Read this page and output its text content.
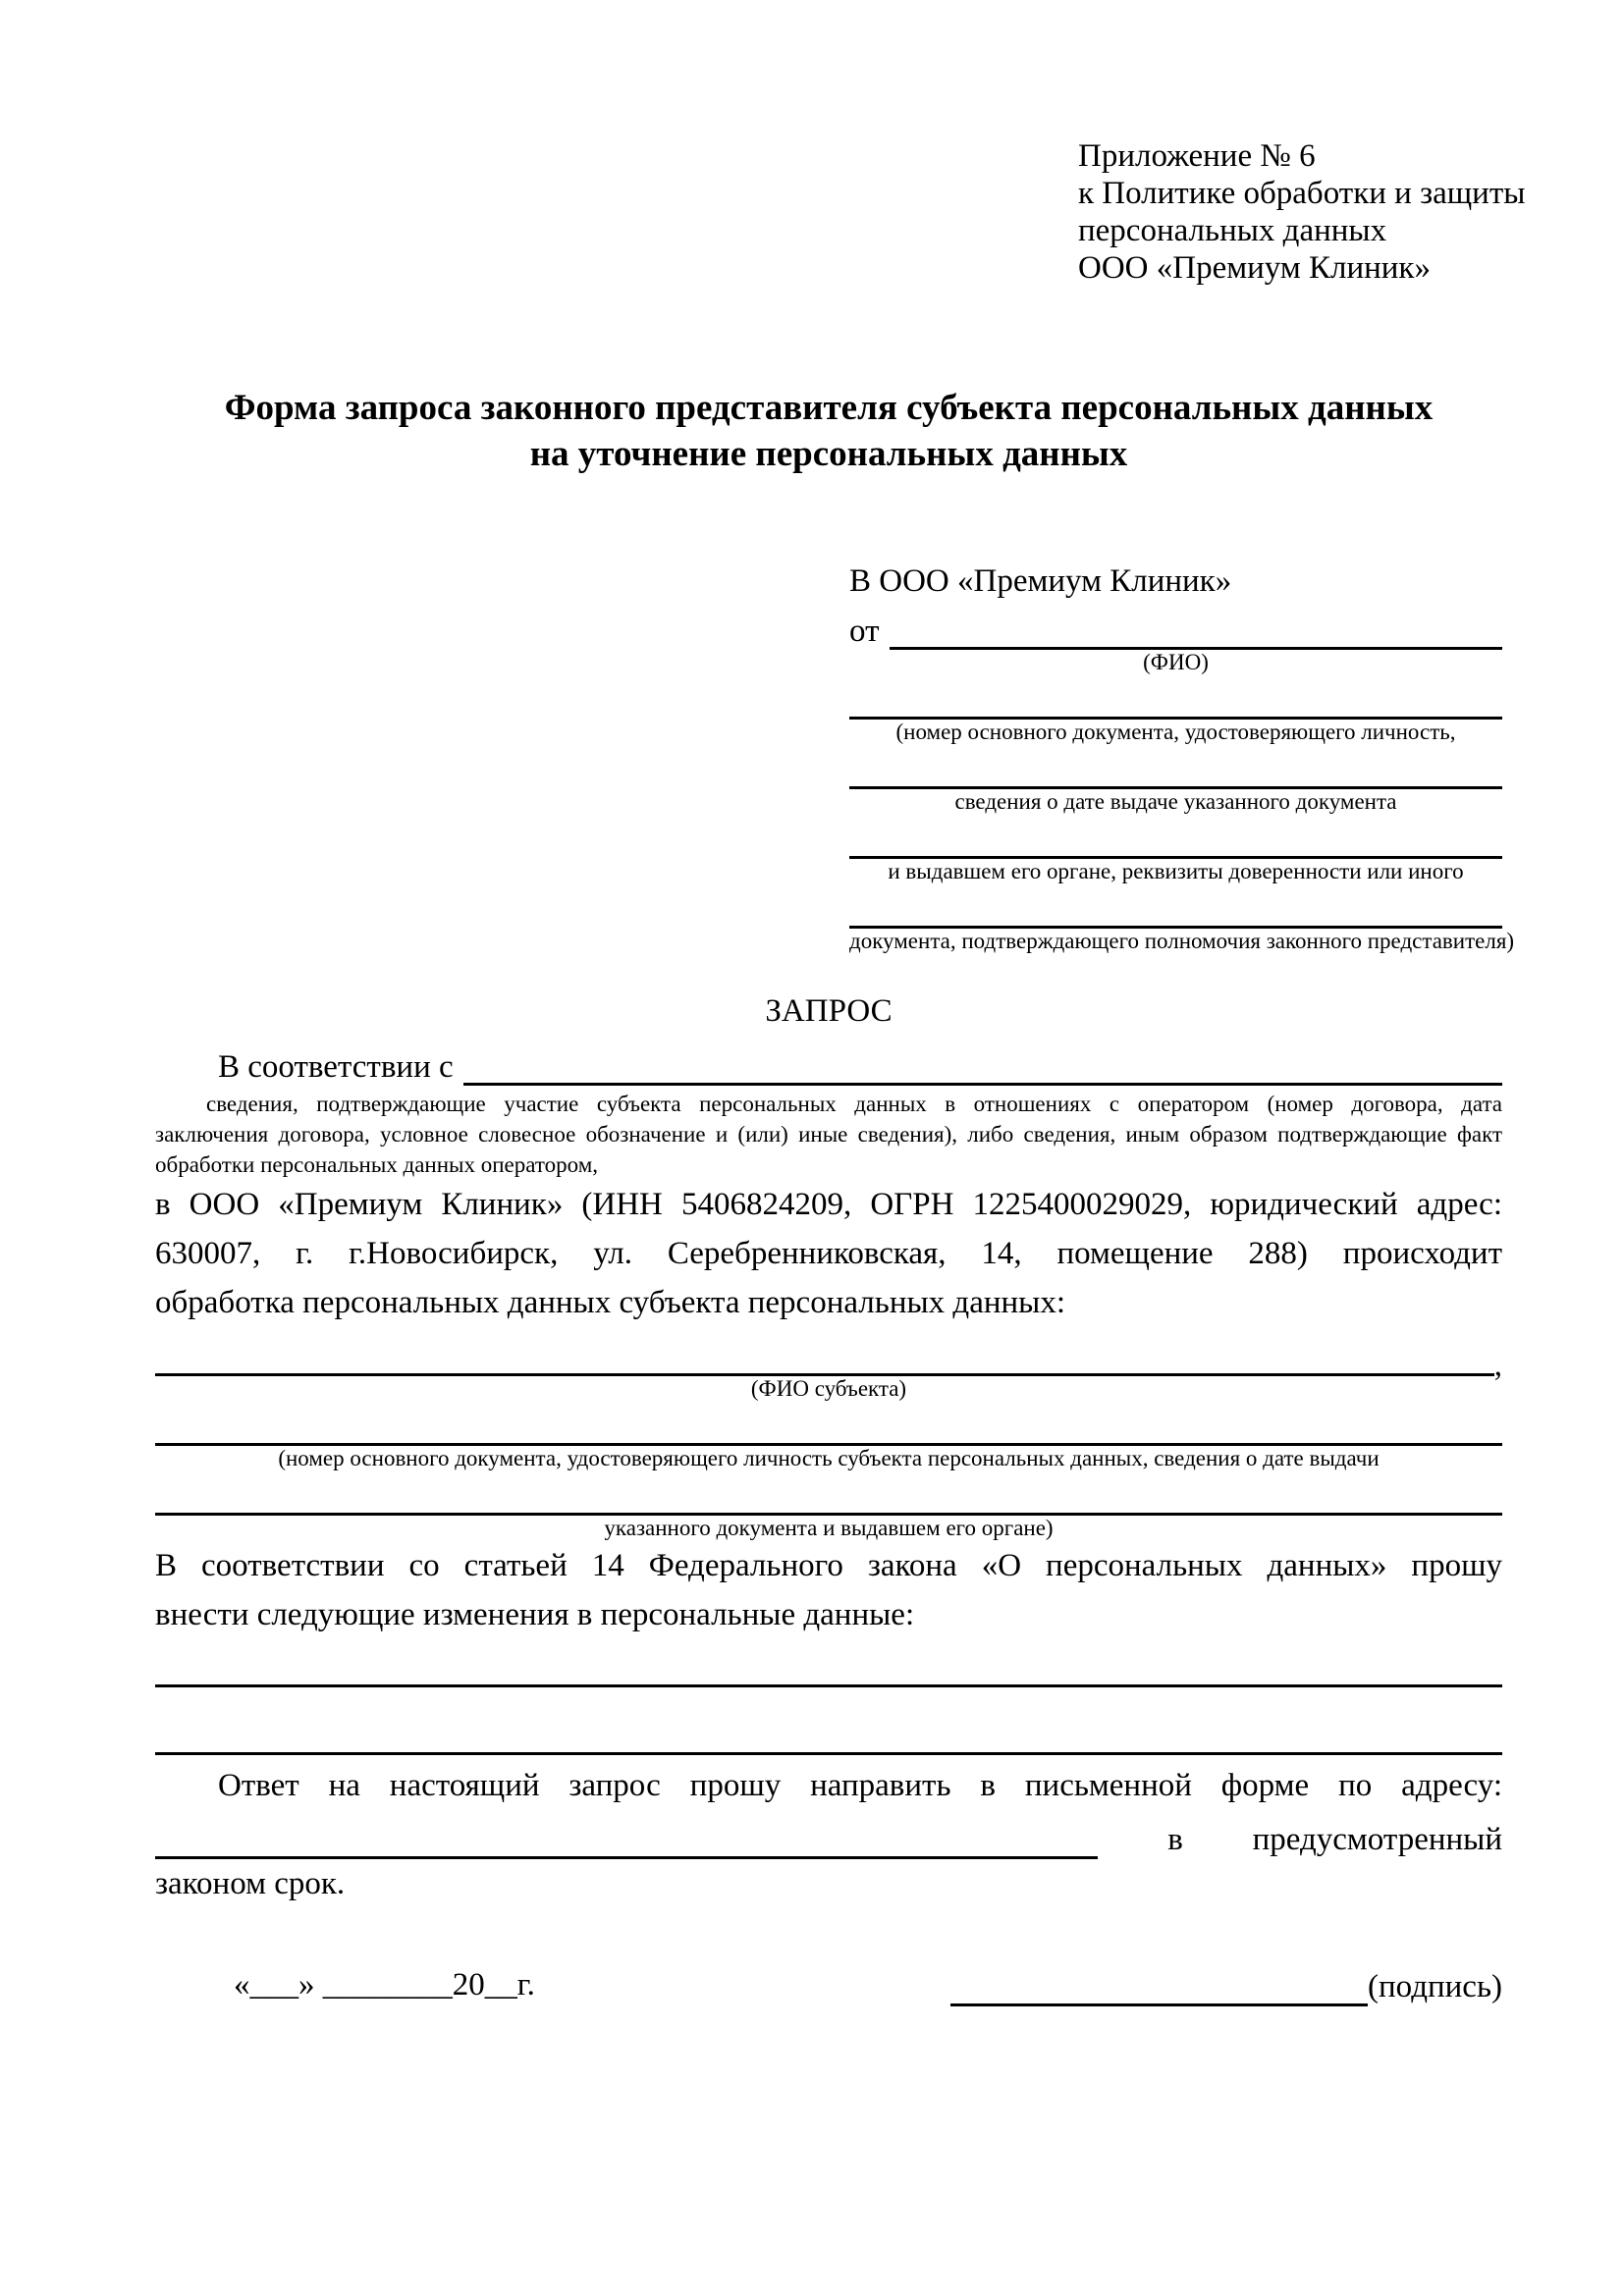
Приложение № 6
к Политике обработки и защиты
персональных данных
ООО «Премиум Клиник»
Форма запроса законного представителя субъекта персональных данных
на уточнение персональных данных
В ООО «Премиум Клиник»
от
(ФИО)
(номер основного документа, удостоверяющего личность,
сведения о дате выдаче указанного документа
и выдавшем его органе, реквизиты доверенности или иного
документа, подтверждающего полномочия законного представителя)
ЗАПРОС
В соответствии с
сведения, подтверждающие участие субъекта персональных данных в отношениях с оператором (номер договора, дата
заключения договора, условное словесное обозначение и (или) иные сведения), либо сведения, иным образом подтверждающие факт
обработки персональных данных оператором,
в ООО «Премиум Клиник» (ИНН 5406824209, ОГРН 1225400029029, юридический адрес:
630007, г. г.Новосибирск, ул. Серебренниковская, 14, помещение 288) происходит
обработка персональных данных субъекта персональных данных:
,
(ФИО субъекта)
(номер основного документа, удостоверяющего личность субъекта персональных данных, сведения о дате выдачи
указанного документа и выдавшем его органе)
В соответствии со статьей 14 Федерального закона «О персональных данных» прошу
внести следующие изменения в персональные данные:
Ответ на настоящий запрос прошу направить в письменной форме по адресу:
в предусмотренный
законом срок.
«___» ________20__г.	(подпись)
